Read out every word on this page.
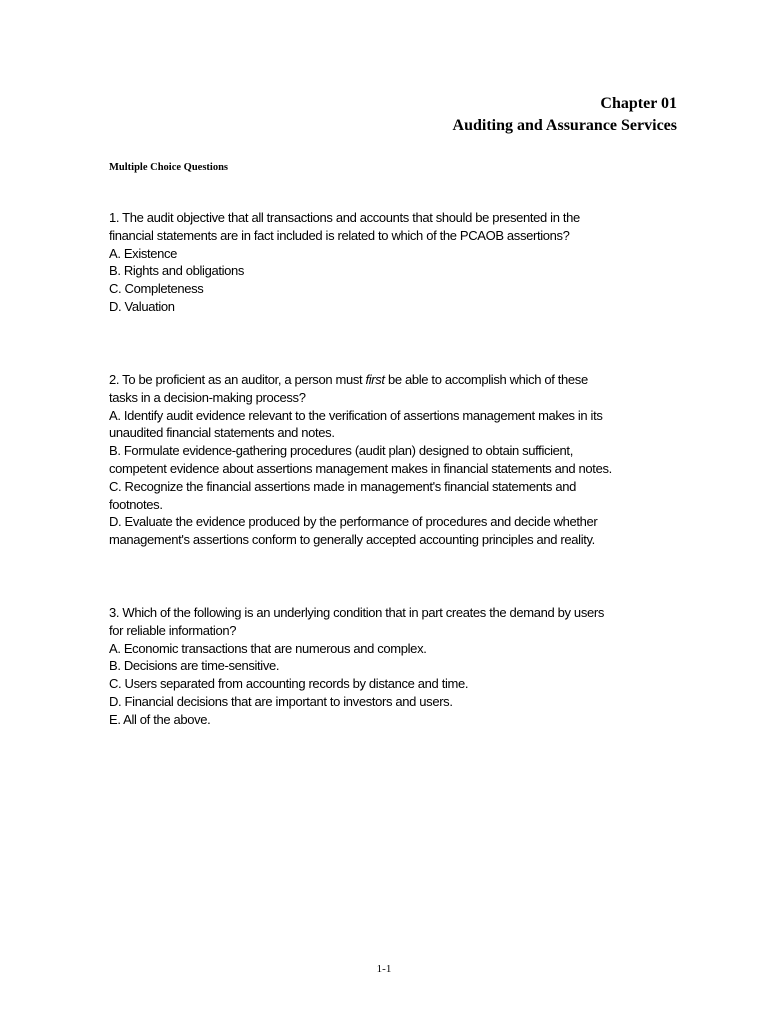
Chapter 01
Auditing and Assurance Services
Multiple Choice Questions
1. The audit objective that all transactions and accounts that should be presented in the
financial statements are in fact included is related to which of the PCAOB assertions?
A. Existence
B. Rights and obligations
C. Completeness
D. Valuation
2. To be proficient as an auditor, a person must first be able to accomplish which of these
tasks in a decision-making process?
A. Identify audit evidence relevant to the verification of assertions management makes in its
unaudited financial statements and notes.
B. Formulate evidence-gathering procedures (audit plan) designed to obtain sufficient,
competent evidence about assertions management makes in financial statements and notes.
C. Recognize the financial assertions made in management's financial statements and
footnotes.
D. Evaluate the evidence produced by the performance of procedures and decide whether
management's assertions conform to generally accepted accounting principles and reality.
3. Which of the following is an underlying condition that in part creates the demand by users
for reliable information?
A. Economic transactions that are numerous and complex.
B. Decisions are time-sensitive.
C. Users separated from accounting records by distance and time.
D. Financial decisions that are important to investors and users.
E. All of the above.
1-1
